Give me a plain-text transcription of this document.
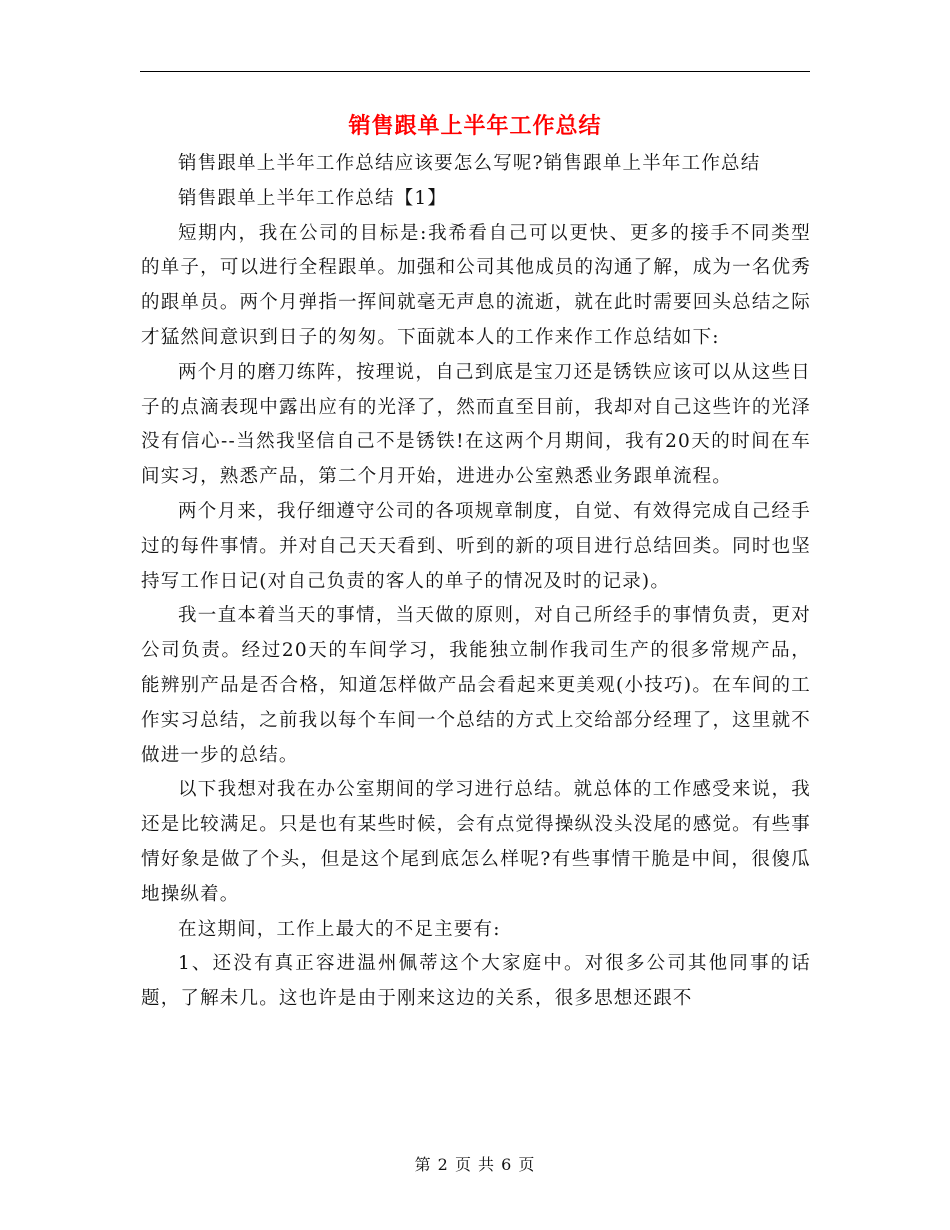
销售跟单上半年工作总结

销售跟单上半年工作总结应该要怎么写呢?销售跟单上半年工作总结

销售跟单上半年工作总结【1】

短期内，我在公司的目标是:我希看自己可以更快、更多的接手不同类型的单子，可以进行全程跟单。加强和公司其他成员的沟通了解，成为一名优秀的跟单员。两个月弹指一挥间就毫无声息的流逝，就在此时需要回头总结之际才猛然间意识到日子的匆匆。下面就本人的工作来作工作总结如下:

两个月的磨刀练阵，按理说，自己到底是宝刀还是锈铁应该可以从这些日子的点滴表现中露出应有的光泽了，然而直至目前，我却对自己这些许的光泽没有信心--当然我坚信自己不是锈铁!在这两个月期间，我有20天的时间在车间实习，熟悉产品，第二个月开始，进进办公室熟悉业务跟单流程。

两个月来，我仔细遵守公司的各项规章制度，自觉、有效得完成自己经手过的每件事情。并对自己天天看到、听到的新的项目进行总结回类。同时也坚持写工作日记(对自己负责的客人的单子的情况及时的记录)。

我一直本着当天的事情，当天做的原则，对自己所经手的事情负责，更对公司负责。经过20天的车间学习，我能独立制作我司生产的很多常规产品，能辨别产品是否合格，知道怎样做产品会看起来更美观(小技巧)。在车间的工作实习总结，之前我以每个车间一个总结的方式上交给部分经理了，这里就不做进一步的总结。

以下我想对我在办公室期间的学习进行总结。就总体的工作感受来说，我还是比较满足。只是也有某些时候，会有点觉得操纵没头没尾的感觉。有些事情好象是做了个头，但是这个尾到底怎么样呢?有些事情干脆是中间，很傻瓜地操纵着。

在这期间，工作上最大的不足主要有:

1、还没有真正容进温州佩蒂这个大家庭中。对很多公司其他同事的话题，了解未几。这也许是由于刚来这边的关系，很多思想还跟不

第 2 页 共 6 页
